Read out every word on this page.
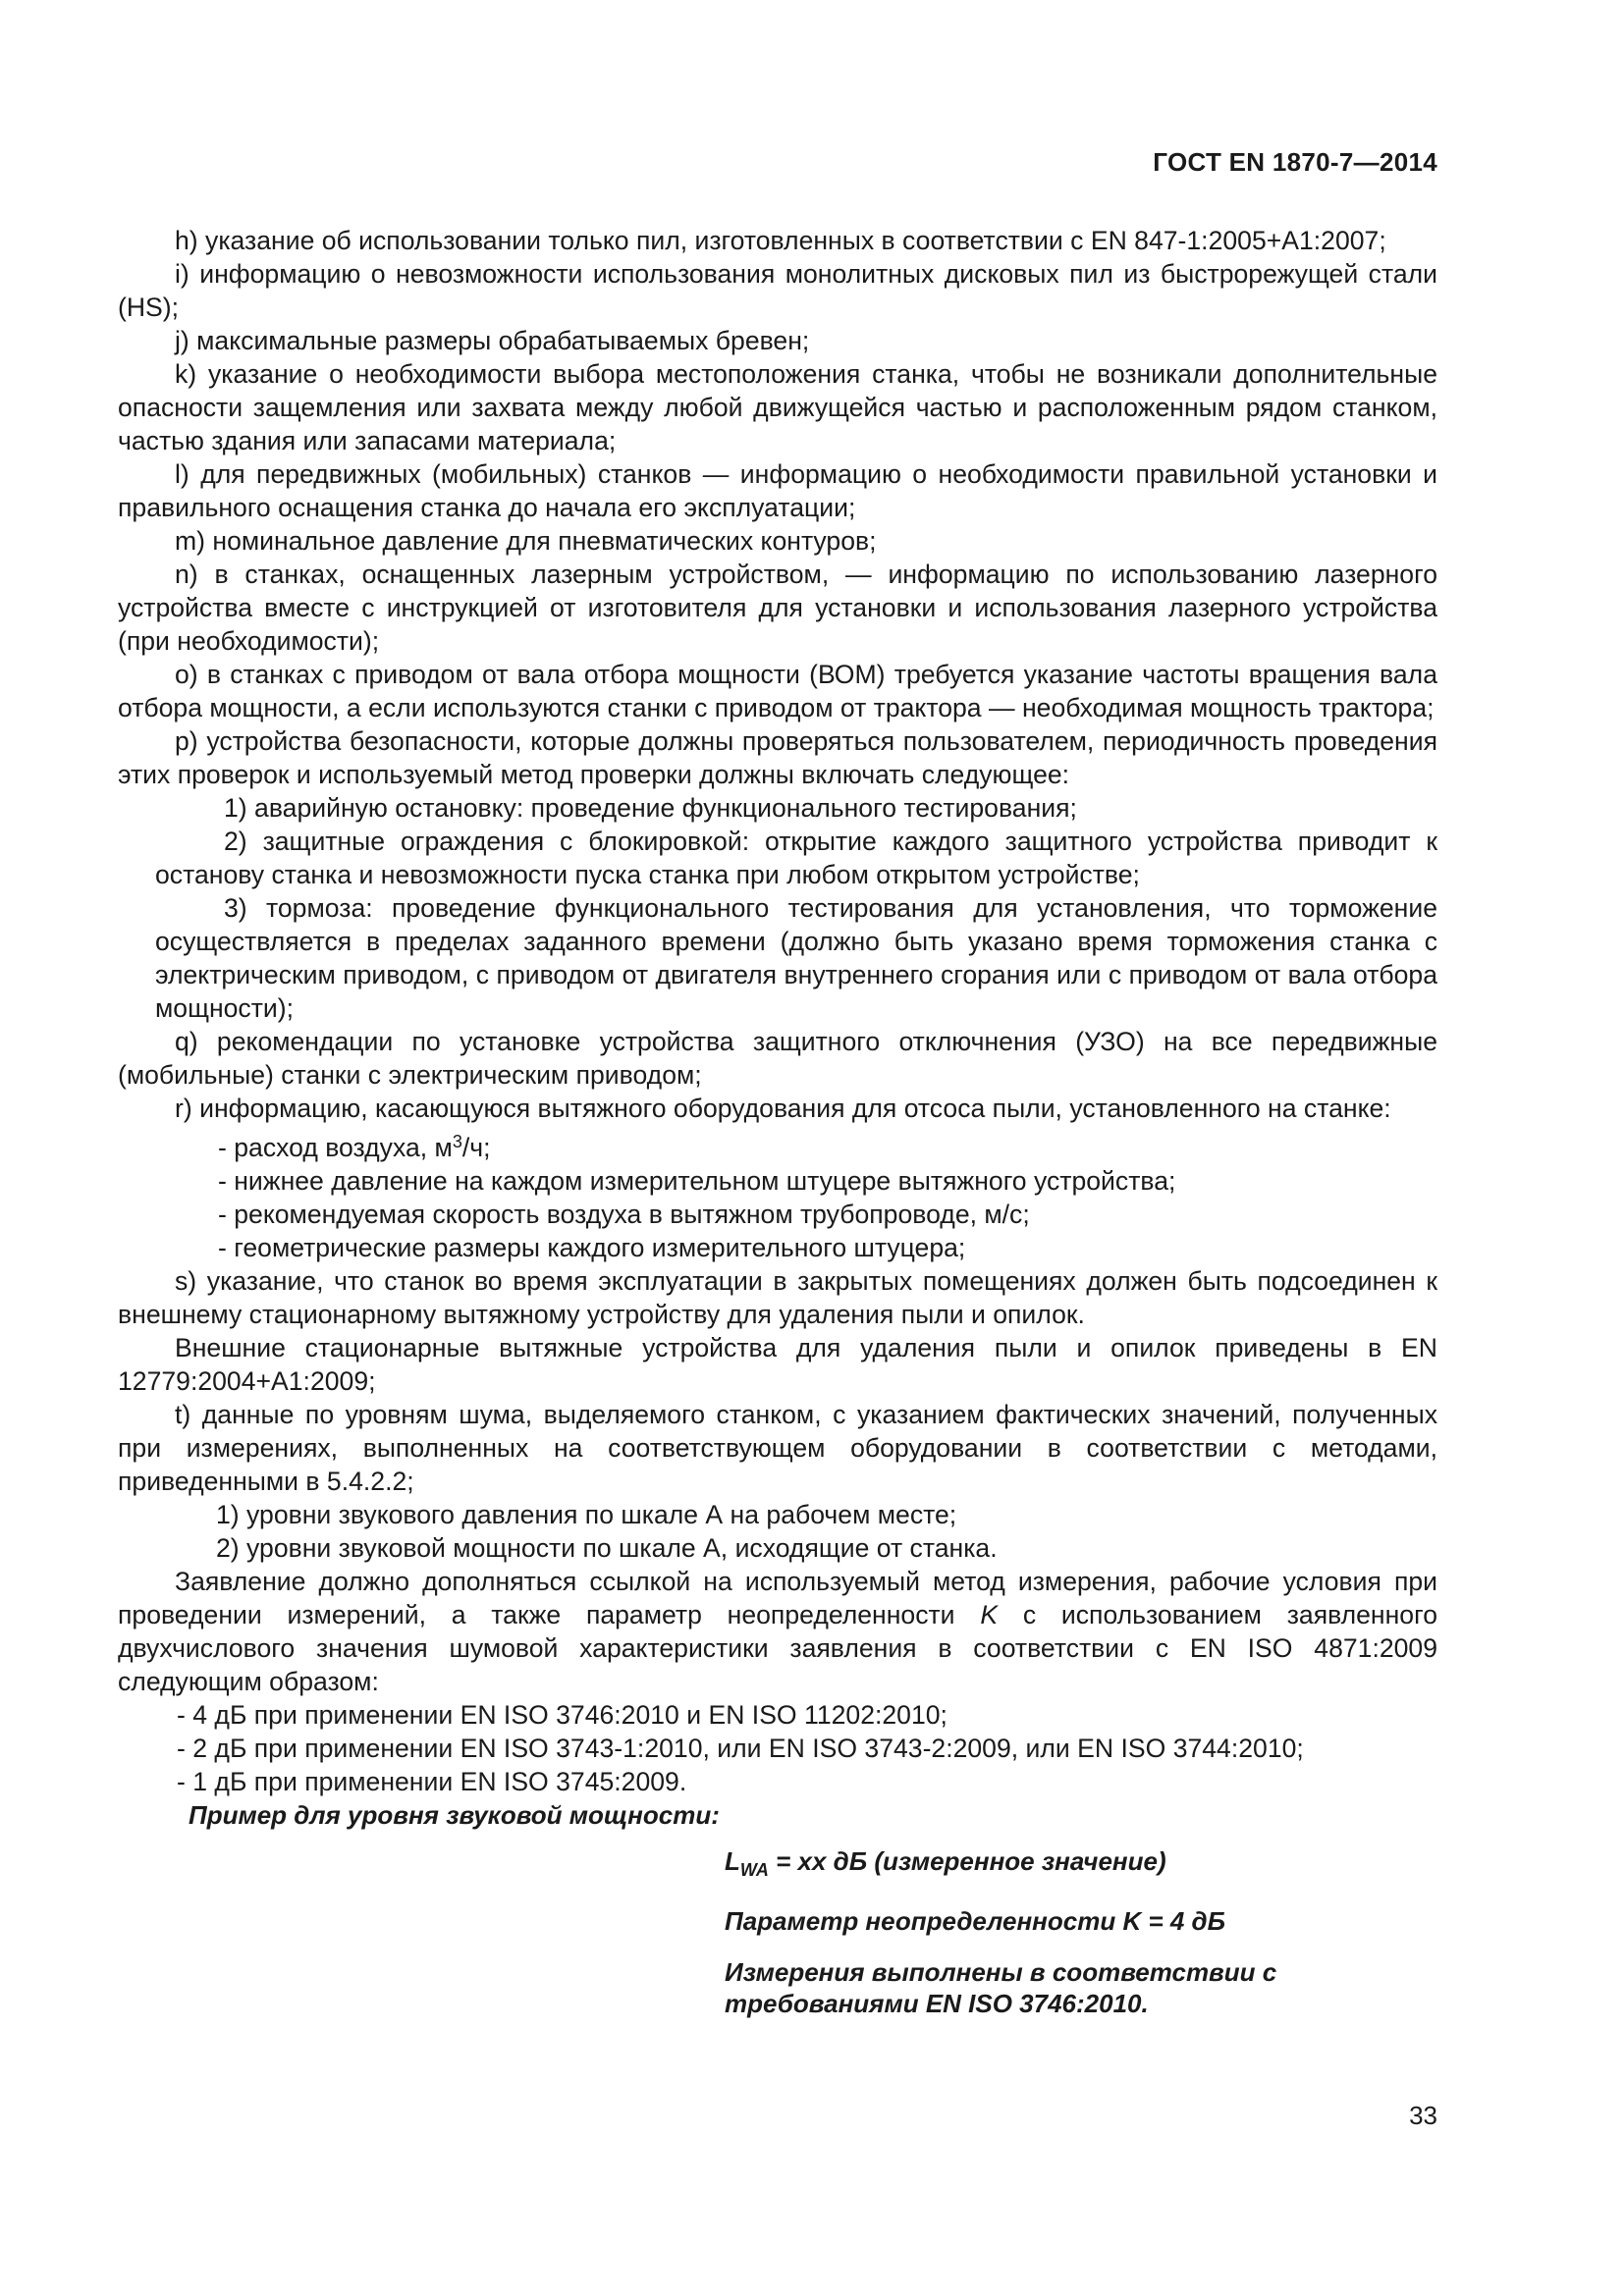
ГОСТ EN 1870-7—2014

h) указание об использовании только пил, изготовленных в соответствии с EN 847-1:2005+А1:2007;

i) информацию о невозможности использования монолитных дисковых пил из быстрорежущей стали (HS);

j) максимальные размеры обрабатываемых бревен;

k) указание о необходимости выбора местоположения станка, чтобы не возникали дополнительные опасности защемления или захвата между любой движущейся частью и расположенным рядом станком, частью здания или запасами материала;

l) для передвижных (мобильных) станков — информацию о необходимости правильной установки и правильного оснащения станка до начала его эксплуатации;

m) номинальное давление для пневматических контуров;

n) в станках, оснащенных лазерным устройством, — информацию по использованию лазерного устройства вместе с инструкцией от изготовителя для установки и использования лазерного устройства (при необходимости);

о) в станках с приводом от вала отбора мощности (ВОМ) требуется указание частоты вращения вала отбора мощности, а если используются станки с приводом от трактора — необходимая мощность трактора;

р) устройства безопасности, которые должны проверяться пользователем, периодичность проведения этих проверок и используемый метод проверки должны включать следующее:

1) аварийную остановку: проведение функционального тестирования;

2) защитные ограждения с блокировкой: открытие каждого защитного устройства приводит к останову станка и невозможности пуска станка при любом открытом устройстве;

3) тормоза: проведение функционального тестирования для установления, что торможение осуществляется в пределах заданного времени (должно быть указано время торможения станка с электрическим приводом, с приводом от двигателя внутреннего сгорания или с приводом от вала отбора мощности);

q) рекомендации по установке устройства защитного отключнения (УЗО) на все передвижные (мобильные) станки с электрическим приводом;

r) информацию, касающуюся вытяжного оборудования для отсоса пыли, установленного на станке:

- расход воздуха, $м^3/ч$;

- нижнее давление на каждом измерительном штуцере вытяжного устройства;

- рекомендуемая скорость воздуха в вытяжном трубопроводе, м/с;

- геометрические размеры каждого измерительного штуцера;

s) указание, что станок во время эксплуатации в закрытых помещениях должен быть подсоединен к внешнему стационарному вытяжному устройству для удаления пыли и опилок.

Внешние стационарные вытяжные устройства для удаления пыли и опилок приведены в EN 12779:2004+А1:2009;

t) данные по уровням шума, выделяемого станком, с указанием фактических значений, полученных при измерениях, выполненных на соответствующем оборудовании в соответствии с методами, приведенными в 5.4.2.2;

1) уровни звукового давления по шкале А на рабочем месте;

2) уровни звуковой мощности по шкале А, исходящие от станка.

Заявление должно дополняться ссылкой на используемый метод измерения, рабочие условия при проведении измерений, а также параметр неопределенности K с использованием заявленного двухчислового значения шумовой характеристики заявления в соответствии с EN ISO 4871:2009 следующим образом:

- 4 дБ при применении EN ISO 3746:2010 и EN ISO 11202:2010;

- 2 дБ при применении EN ISO 3743-1:2010, или EN ISO 3743-2:2009, или EN ISO 3744:2010;

- 1 дБ при применении EN ISO 3745:2009.

Пример для уровня звуковой мощности:

$L_{WA}$ = хх дБ (измеренное значение)
Параметр неопределенности K = 4 дБ
Измерения выполнены в соответствии с требованиями EN ISO 3746:2010.
33
